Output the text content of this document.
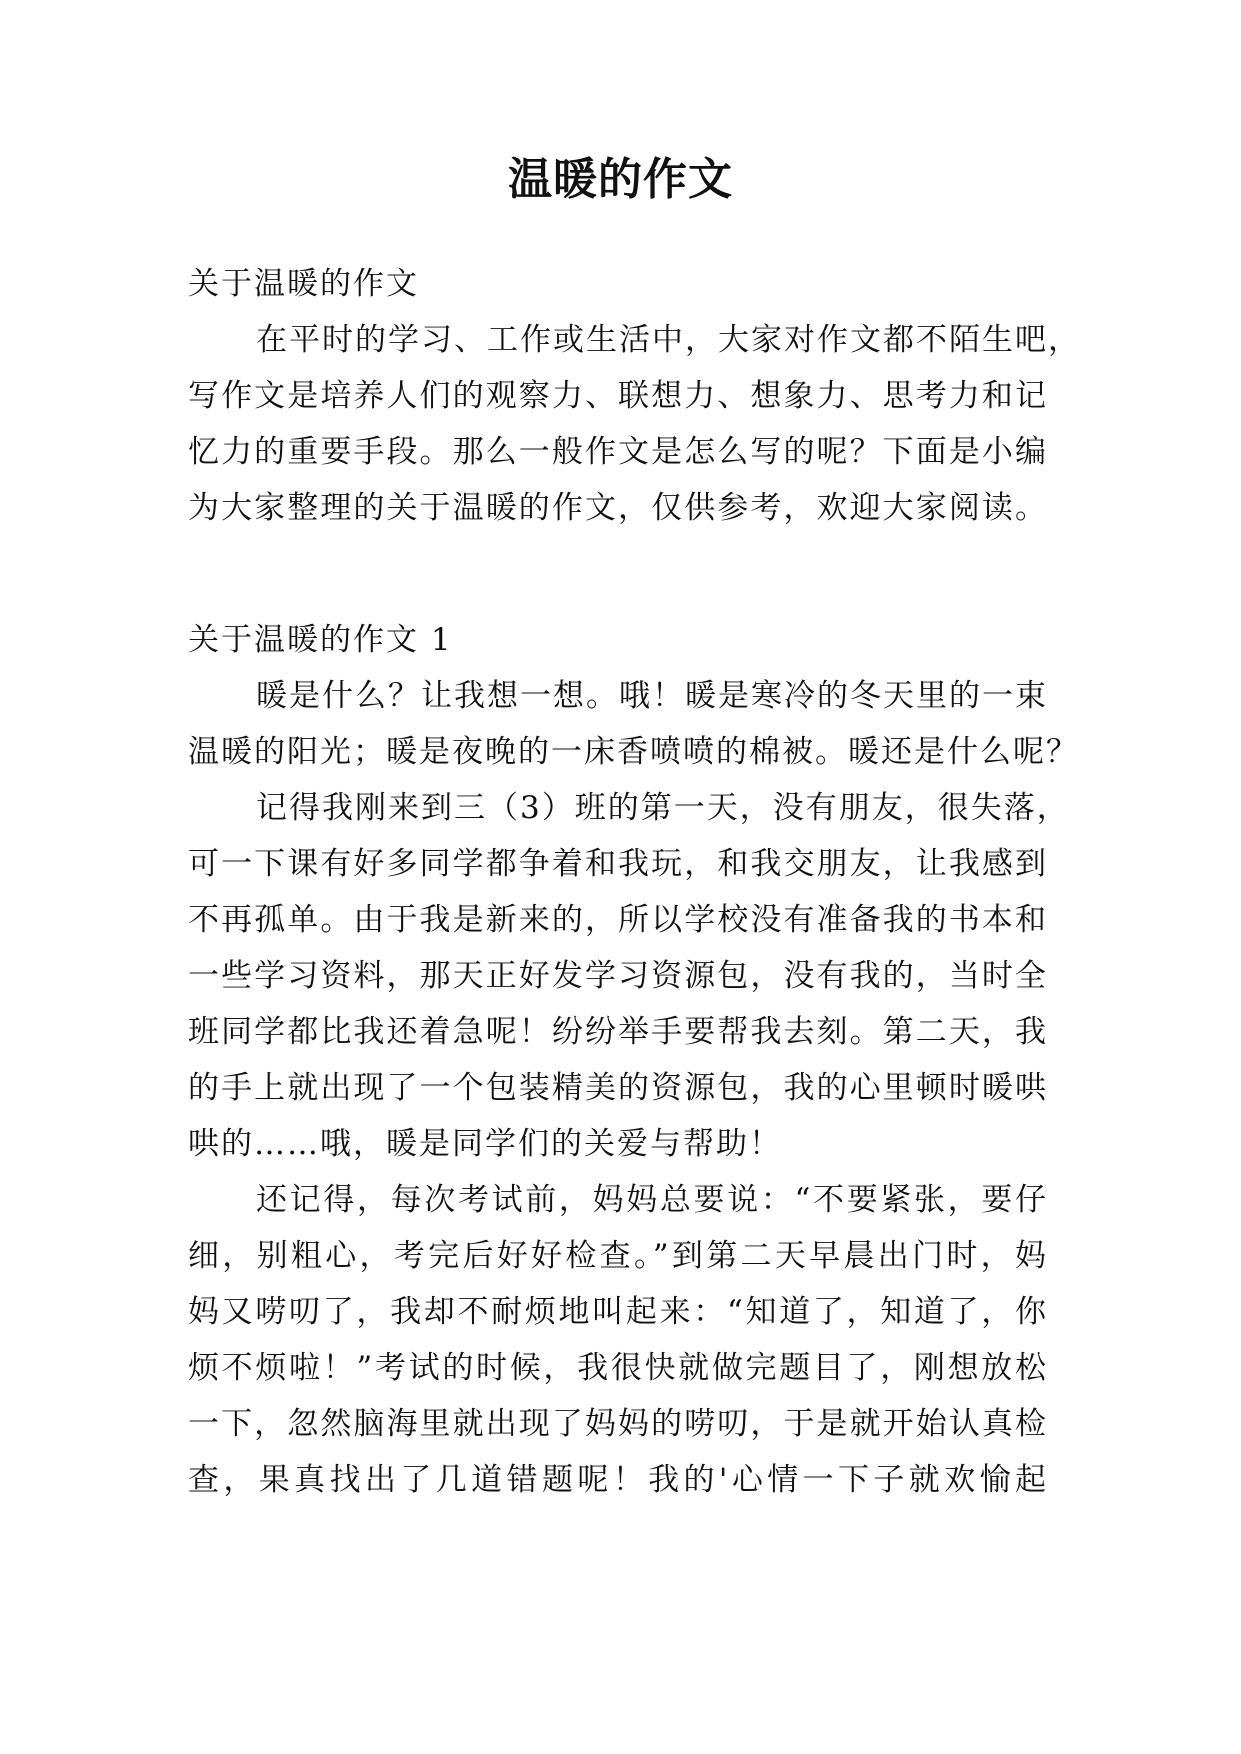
温暖的作文
关于温暖的作文
在平时的学习、工作或生活中，大家对作文都不陌生吧，
写作文是培养人们的观察力、联想力、想象力、思考力和记
忆力的重要手段。那么一般作文是怎么写的呢？下面是小编
为大家整理的关于温暖的作文，仅供参考，欢迎大家阅读。
关于温暖的作文 1
暖是什么？让我想一想。哦！暖是寒冷的冬天里的一束
温暖的阳光；暖是夜晚的一床香喷喷的棉被。暖还是什么呢？
记得我刚来到三（3）班的第一天，没有朋友，很失落，
可一下课有好多同学都争着和我玩，和我交朋友，让我感到
不再孤单。由于我是新来的，所以学校没有准备我的书本和
一些学习资料，那天正好发学习资源包，没有我的，当时全
班同学都比我还着急呢！纷纷举手要帮我去刻。第二天，我
的手上就出现了一个包装精美的资源包，我的心里顿时暖哄
哄的……哦，暖是同学们的关爱与帮助！
还记得，每次考试前，妈妈总要说：“不要紧张，要仔
细，别粗心，考完后好好检查。”到第二天早晨出门时，妈
妈又唠叨了，我却不耐烦地叫起来：“知道了，知道了，你
烦不烦啦！”考试的时候，我很快就做完题目了，刚想放松
一下，忽然脑海里就出现了妈妈的唠叨，于是就开始认真检
查，果真找出了几道错题呢！我的'心情一下子就欢愉起
